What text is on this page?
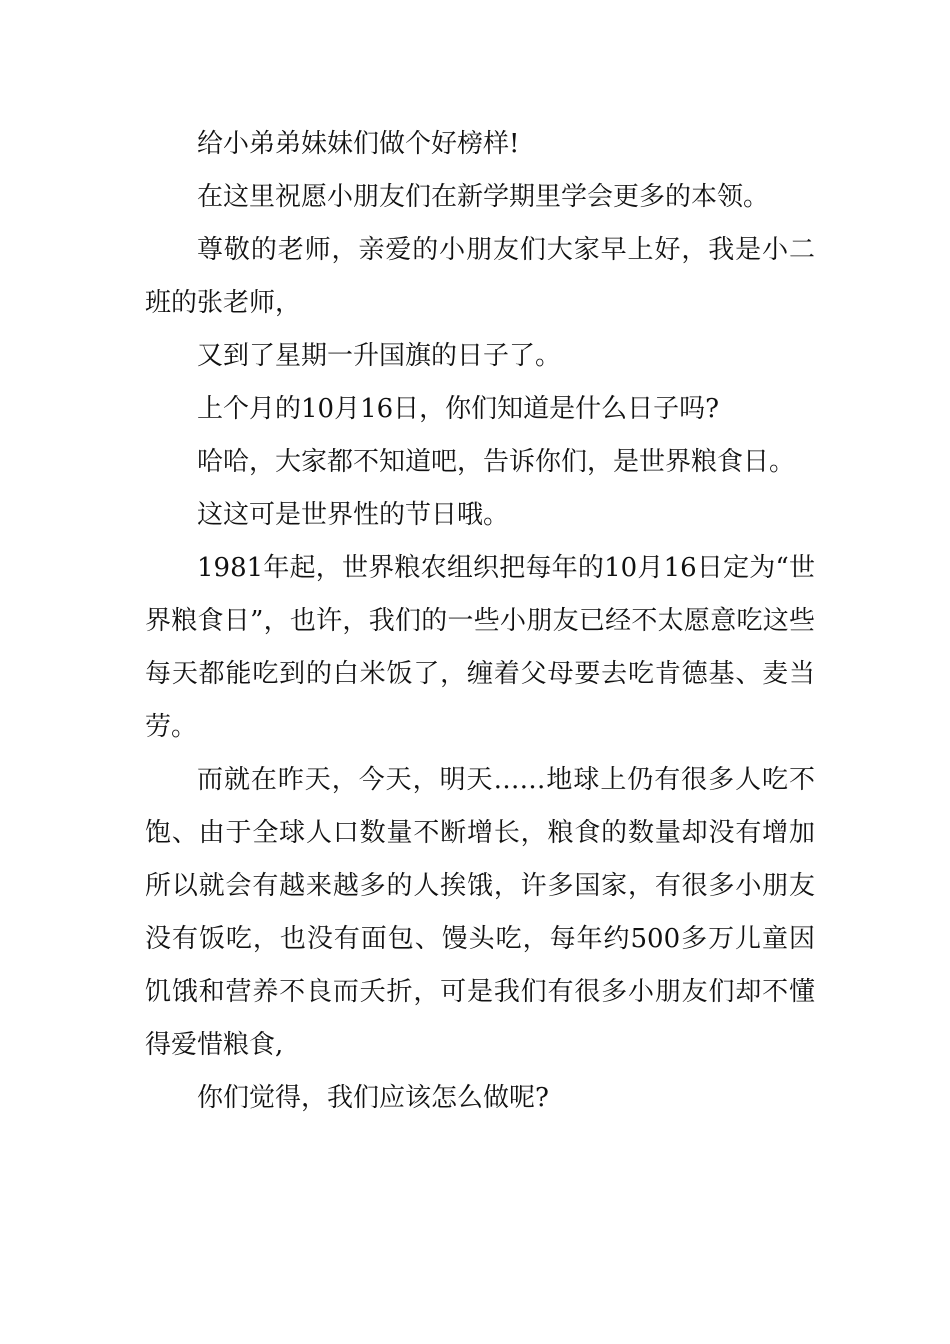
给小弟弟妹妹们做个好榜样!

在这里祝愿小朋友们在新学期里学会更多的本领。

尊敬的老师，亲爱的小朋友们大家早上好，我是小二班的张老师，

又到了星期一升国旗的日子了。

上个月的10月16日，你们知道是什么日子吗?

哈哈，大家都不知道吧，告诉你们，是世界粮食日。

这这可是世界性的节日哦。

1981年起，世界粮农组织把每年的10月16日定为“世界粮食日”，也许，我们的一些小朋友已经不太愿意吃这些每天都能吃到的白米饭了，缠着父母要去吃肯德基、麦当劳。

而就在昨天，今天，明天……地球上仍有很多人吃不饱、由于全球人口数量不断增长，粮食的数量却没有增加所以就会有越来越多的人挨饿，许多国家，有很多小朋友没有饭吃，也没有面包、馒头吃，每年约500多万儿童因饥饿和营养不良而夭折，可是我们有很多小朋友们却不懂得爱惜粮食,

你们觉得，我们应该怎么做呢?
